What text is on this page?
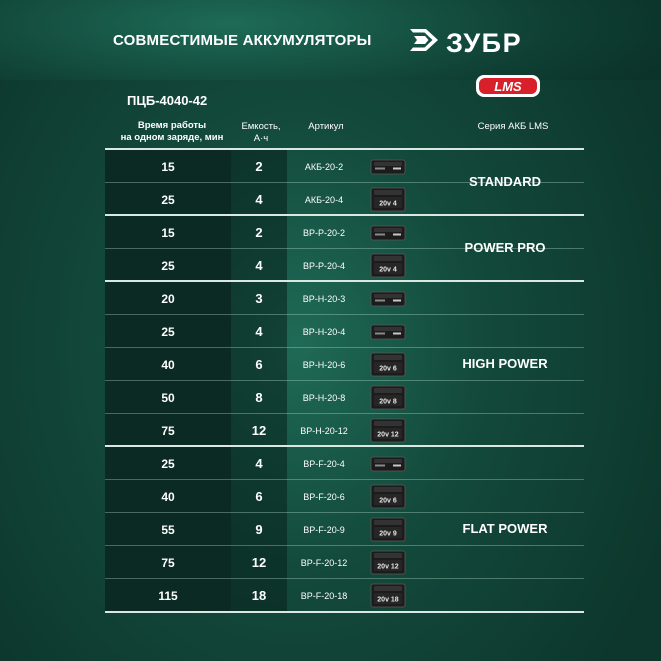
СОВМЕСТИМЫЕ АККУМУЛЯТОРЫ	ЗУБР
LMS
ПЦБ-4040-42
Время работы
на одном заряде, мин
Емкость,
А·ч
Артикул	Серия АКБ LMS
15	2	АКБ-20-2
25	4	АКБ-20-4	20v 4
15	2	BP-P-20-2
25	4	BP-P-20-4	20v 4
20	3	BP-H-20-3
25	4	BP-H-20-4
40	6	BP-H-20-6	20v 6
50	8	BP-H-20-8	20v 8
75	12	BP-H-20-12	20v 12
25	4	BP-F-20-4
40	6	BP-F-20-6	20v 6
55	9	BP-F-20-9	20v 9
75	12	BP-F-20-12	20v 12
115	18	BP-F-20-18	20v 18
STANDARD
POWER PRO
HIGH POWER
FLAT POWER
